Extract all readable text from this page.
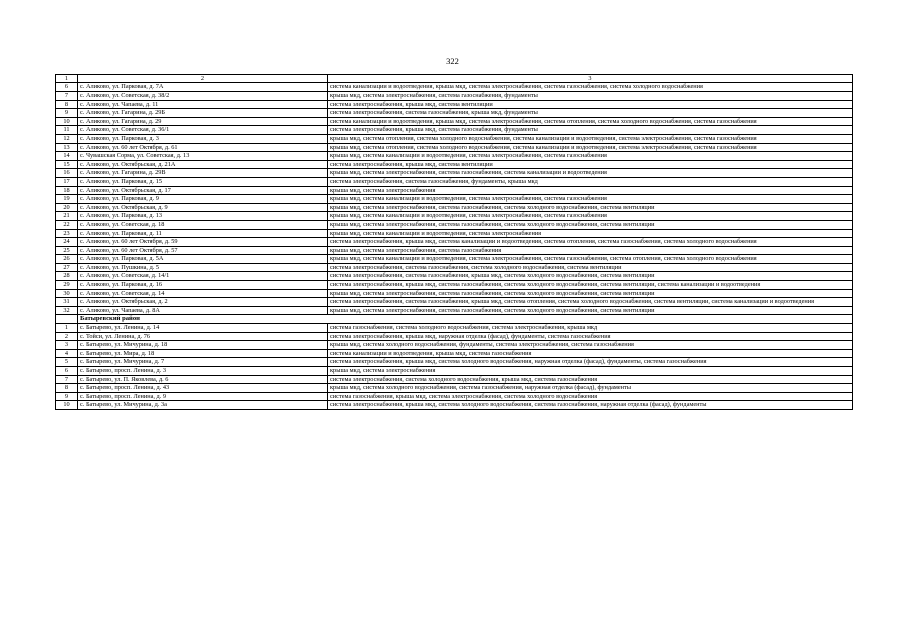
322
1	2	3
6	с. Аликово, ул. Парковая, д. 7А	система канализации и водоотведения, крыша мкд, система электроснабжения, система газоснабжения, система холодного водоснабжения
7	с. Аликово, ул. Советская, д. 38/2	крыша мкд, система электроснабжения, система газоснабжения, фундаменты
8	с. Аликово, ул. Чапаева, д. 11	система электроснабжения, крыша мкд, система вентиляции
9	с. Аликово, ул. Гагарина, д. 29Б	система электроснабжения, система газоснабжения, крыша мкд, фундаменты
10	с. Аликово, ул. Гагарина, д. 29	система канализации и водоотведения, крыша мкд, система электроснабжения, система отопления, система холодного водоснабжения, система газоснабжения
11	с. Аликово, ул. Советская, д. 36/1	система электроснабжения, крыша мкд, система газоснабжения, фундаменты
12	с. Аликово, ул. Парковая, д. 3	крыша мкд, система отопления, система холодного водоснабжения, система канализации и водоотведения, система электроснабжения, система газоснабжения
13	с. Аликово, ул. 60 лет Октября, д. 61	крыша мкд, система отопления, система холодного водоснабжения, система канализации и водоотведения, система электроснабжения, система газоснабжения
14	с. Чувашская Сорма, ул. Советская, д. 13	крыша мкд, система канализации и водоотведения, система электроснабжения, система газоснабжения
15	с. Аликово, ул. Октябрьская, д. 21А	система электроснабжения, крыша мкд, система вентиляции
16	с. Аликово, ул. Гагарина, д. 29В	крыша мкд, система электроснабжения, система газоснабжения, система канализации и водоотведения
17	с. Аликово, ул. Парковая, д. 15	система электроснабжения, система газоснабжения, фундаменты, крыша мкд
18	с. Аликово, ул. Октябрьская, д. 17	крыша мкд, система электроснабжения
19	с. Аликово, ул. Парковая, д. 9	крыша мкд, система канализации и водоотведения, система электроснабжения, система газоснабжения
20	с. Аликово, ул. Октябрьская, д. 9	крыша мкд, система электроснабжения, система газоснабжения, система холодного водоснабжения, система вентиляции
21	с. Аликово, ул. Парковая, д. 13	крыша мкд, система канализации и водоотведения, система электроснабжения, система газоснабжения
22	с. Аликово, ул. Советская, д. 18	крыша мкд, система электроснабжения, система газоснабжения, система холодного водоснабжения, система вентиляции
23	с. Аликово, ул. Парковая, д. 11	крыша мкд, система канализации и водоотведения, система электроснабжения
24	с. Аликово, ул. 60 лет Октября, д. 59	система электроснабжения, крыша мкд, система канализации и водоотведения, система отопления, система газоснабжения, система холодного водоснабжения
25	с. Аликово, ул. 60 лет Октября, д. 57	крыша мкд, система электроснабжения, система газоснабжения
26	с. Аликово, ул. Парковая, д. 5А	крыша мкд, система канализации и водоотведения, система электроснабжения, система газоснабжения, система отопления, система холодного водоснабжения
27	с. Аликово, ул. Пушкина, д. 5	система электроснабжения, система газоснабжения, система холодного водоснабжения, система вентиляции
28	с. Аликово, ул. Советская, д. 14/1	система электроснабжения, система газоснабжения, крыша мкд, система холодного водоснабжения, система вентиляции
29	с. Аликово, ул. Парковая, д. 16	система электроснабжения, крыша мкд, система газоснабжения, система холодного водоснабжения, система вентиляции, система канализации и водоотведения
30	с. Аликово, ул. Советская, д. 14	крыша мкд, система электроснабжения, система газоснабжения, система холодного водоснабжения, система вентиляции
31	с. Аликово, ул. Октябрьская, д. 2	система электроснабжения, система газоснабжения, крыша мкд, система отопления, система холодного водоснабжения, система вентиляции, система канализации и водоотведения
32	с. Аликово, ул. Чапаева, д. 8А	крыша мкд, система электроснабжения, система газоснабжения, система холодного водоснабжения, система вентиляции
	Батыревский район	
1	с. Батырево, ул. Ленина, д. 14	система газоснабжения, система холодного водоснабжения, система электроснабжения, крыша мкд
2	с. Тойси, ул. Ленина, д. 76	система электроснабжения, крыша мкд, наружная отделка (фасад), фундаменты, система газоснабжения
3	с. Батырево, ул. Мичурина, д. 18	крыша мкд, система холодного водоснабжения, фундаменты, система электроснабжения, система газоснабжения
4	с. Батырево, ул. Мира, д. 18	система канализации и водоотведения, крыша мкд, система газоснабжения
5	с. Батырево, ул. Мичурина, д. 7	система электроснабжения, крыша мкд, система холодного водоснабжения, наружная отделка (фасад), фундаменты, система газоснабжения
6	с. Батырево, просп. Ленина, д. 3	крыша мкд, система электроснабжения
7	с. Батырево, ул. П. Яковлева, д. 6	система электроснабжения, система холодного водоснабжения, крыша мкд, система газоснабжения
8	с. Батырево, просп. Ленина, д. 43	крыша мкд, система холодного водоснабжения, система газоснабжения, наружная отделка (фасад), фундаменты
9	с. Батырево, просп. Ленина, д. 9	система газоснабжения, крыша мкд, система электроснабжения, система холодного водоснабжения
10	с. Батырево, ул. Мичурина, д. 3а	система электроснабжения, крыша мкд, система холодного водоснабжения, система газоснабжения, наружная отделка (фасад), фундаменты
